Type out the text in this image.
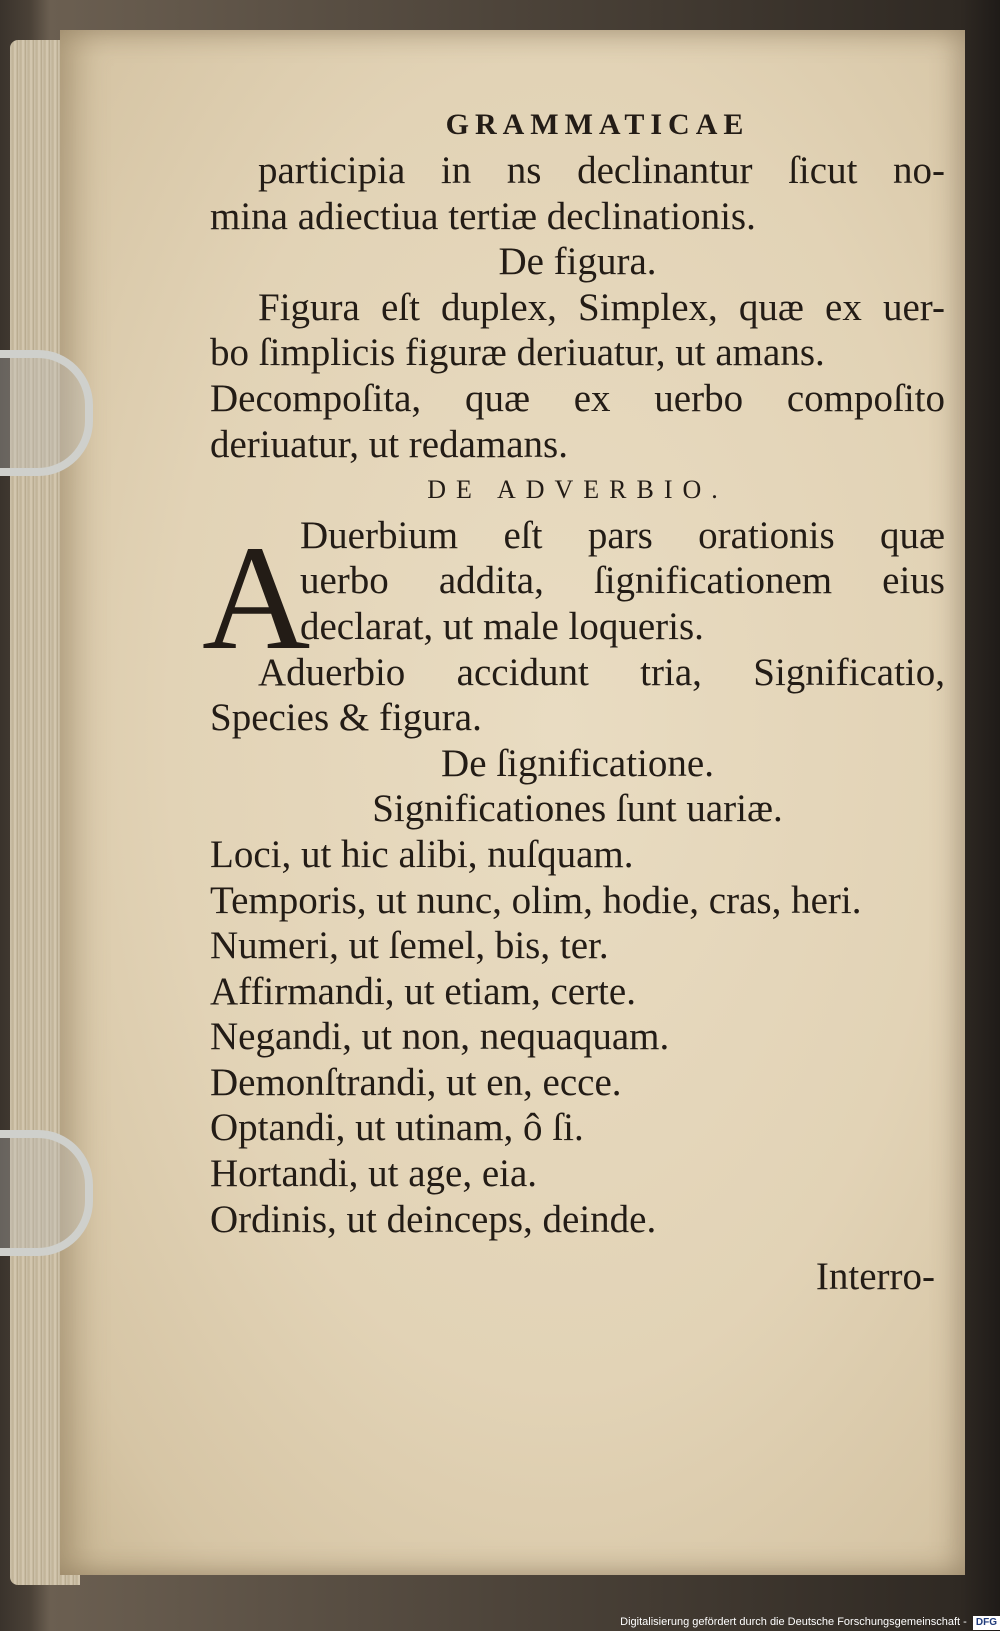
GRAMMATICAE
participia in ns declinantur ſicut no-
mina adiectiua tertiæ declinationis.
De figura.
Figura eſt duplex, Simplex, quæ ex uer-
bo ſimplicis figuræ deriuatur, ut amans.
Decompoſita, quæ ex uerbo compoſito
deriuatur, ut redamans.
DE ADVERBIO.
A
Duerbium eſt pars orationis quæ
uerbo addita, ſignificationem eius
declarat, ut male loqueris.
Aduerbio accidunt tria, Significatio,
Species & figura.
De ſignificatione.
Significationes ſunt uariæ.
Loci, ut hic alibi, nuſquam.
Temporis, ut nunc, olim, hodie, cras, heri.
Numeri, ut ſemel, bis, ter.
Affirmandi, ut etiam, certe.
Negandi, ut non, nequaquam.
Demonſtrandi, ut en, ecce.
Optandi, ut utinam, ô ſi.
Hortandi, ut age, eia.
Ordinis, ut deinceps, deinde.
Interro-
Digitalisierung gefördert durch die Deutsche Forschungsgemeinschaft - DFG
